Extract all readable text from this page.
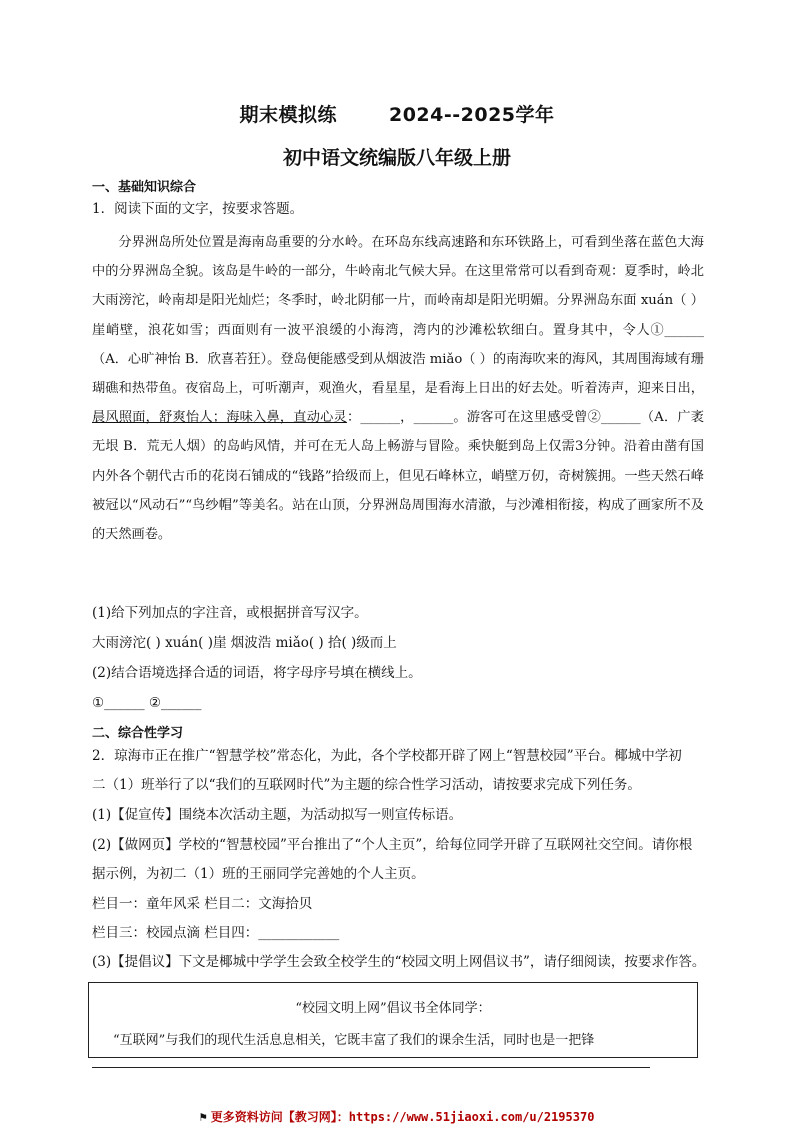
期末模拟练	2024--2025学年
初中语文统编版八年级上册
一、基础知识综合
1．阅读下面的文字，按要求答题。

分界洲岛所处位置是海南岛重要的分水岭。在环岛东线高速路和东环铁路上，可看到坐落在蓝色大海中的分界洲岛全貌。该岛是牛岭的一部分，牛岭南北气候大异。在这里常常可以看到奇观：夏季时，岭北大雨滂沱，岭南却是阳光灿烂；冬季时，岭北阴郁一片，而岭南却是阳光明媚。分界洲岛东面 xuán（ ）崖峭壁，浪花如雪；西面则有一波平浪缓的小海湾，湾内的沙滩松软细白。置身其中，令人①______（A．心旷神怡 B．欣喜若狂）。登岛便能感受到从烟波浩 miǎo（ ）的南海吹来的海风，其周围海域有珊瑚礁和热带鱼。夜宿岛上，可听潮声，观渔火，看星星，是看海上日出的好去处。听着涛声，迎来日出，晨风照面，舒爽怡人；海味入鼻，直动心灵：______，______。游客可在这里感受曾②______（A．广袤无垠 B．荒无人烟）的岛屿风情，并可在无人岛上畅游与冒险。乘快艇到岛上仅需3分钟。沿着由凿有国内外各个朝代古币的花岗石铺成的“钱路”拾级而上，但见石峰林立，峭壁万仞，奇树簇拥。一些天然石峰被冠以“风动石”“鸟纱帽”等美名。站在山顶，分界洲岛周围海水清澈，与沙滩相衔接，构成了画家所不及的天然画卷。

(1)给下列加点的字注音，或根据拼音写汉字。
大雨滂沱( ) xuán( )崖 烟波浩 miǎo( ) 拾( )级而上
(2)结合语境选择合适的词语，将字母序号填在横线上。
①______ ②______
二、综合性学习
2．琼海市正在推广“智慧学校”常态化，为此，各个学校都开辟了网上“智慧校园”平台。椰城中学初
二（1）班举行了以“我们的互联网时代”为主题的综合性学习活动，请按要求完成下列任务。
(1)【促宣传】围绕本次活动主题，为活动拟写一则宣传标语。
(2)【做网页】学校的“智慧校园”平台推出了“个人主页”，给每位同学开辟了互联网社交空间。请你根
据示例，为初二（1）班的王丽同学完善她的个人主页。
栏目一：童年风采 栏目二：文海拾贝
栏目三：校园点滴 栏目四：____________
(3)【提倡议】下文是椰城中学学生会致全校学生的“校园文明上网倡议书”，请仔细阅读，按要求作答。
“校园文明上网”倡议书全体同学：
“互联网”与我们的现代生活息息相关，它既丰富了我们的课余生活，同时也是一把锋
⚑ 更多资料访问【教习网】：https://www.51jiaoxi.com/u/2195370
